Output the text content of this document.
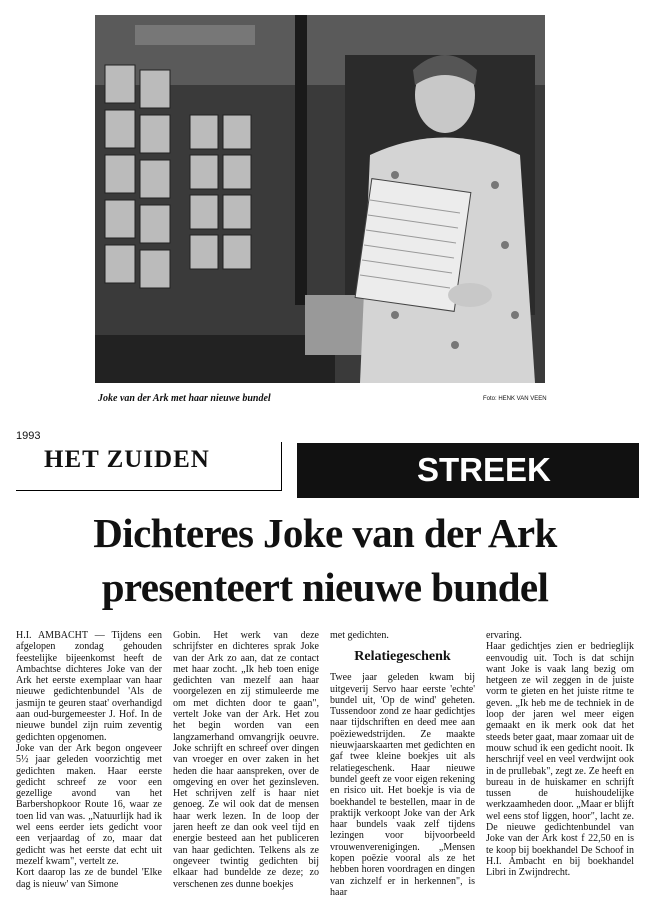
Joke van der Ark met haar nieuwe bundel	Foto: HENK VAN VEEN
1993
HET ZUIDEN	STREEK
Dichteres Joke van der Ark
presenteert nieuwe bundel

H.I. AMBACHT — Tijdens een afgelopen zondag gehouden feestelijke bijeenkomst heeft de Ambachtse dichteres Joke van der Ark het eerste exemplaar van haar nieuwe gedichtenbundel 'Als de jasmijn te geuren staat' overhandigd aan oud-burgemeester J. Hof. In de nieuwe bundel zijn ruim zeventig gedichten opgenomen.

Joke van der Ark begon ongeveer 5½ jaar geleden voorzichtig met gedichten maken. Haar eerste gedicht schreef ze voor een gezellige avond van het Barbershopkoor Route 16, waar ze toen lid van was. „Natuurlijk had ik wel eens eerder iets gedicht voor een verjaardag of zo, maar dat gedicht was het eerste dat echt uit mezelf kwam", vertelt ze.

Kort daarop las ze de bundel 'Elke dag is nieuw' van Simone

Gobin. Het werk van deze schrijfster en dichteres sprak Joke van der Ark zo aan, dat ze contact met haar zocht. „Ik heb toen enige gedichten van mezelf aan haar voorgelezen en zij stimuleerde me om met dichten door te gaan", vertelt Joke van der Ark. Het zou het begin worden van een langzamerhand omvangrijk oeuvre. Joke schrijft en schreef over dingen van vroeger en over zaken in het heden die haar aanspreken, over de omgeving en over het gezinsleven. Het schrijven zelf is haar niet genoeg. Ze wil ook dat de mensen haar werk lezen. In de loop der jaren heeft ze dan ook veel tijd en energie besteed aan het publiceren van haar gedichten. Telkens als ze ongeveer twintig gedichten bij elkaar had bundelde ze deze; zo verschenen zes dunne boekjes

met gedichten.

Relatiegeschenk

Twee jaar geleden kwam bij uitgeverij Servo haar eerste 'echte' bundel uit, 'Op de wind' geheten. Tussendoor zond ze haar gedichtjes naar tijdschriften en deed mee aan poëziewedstrijden. Ze maakte nieuwjaarskaarten met gedichten en gaf twee kleine boekjes uit als relatiegeschenk. Haar nieuwe bundel geeft ze voor eigen rekening en risico uit. Het boekje is via de boekhandel te bestellen, maar in de praktijk verkoopt Joke van der Ark haar bundels vaak zelf tijdens lezingen voor bijvoorbeeld vrouwenverenigingen. „Mensen kopen poëzie vooral als ze het hebben horen voordragen en dingen van zichzelf er in herkennen", is haar

ervaring.

Haar gedichtjes zien er bedrieglijk eenvoudig uit. Toch is dat schijn want Joke is vaak lang bezig om hetgeen ze wil zeggen in de juiste vorm te gieten en het juiste ritme te geven. „Ik heb me de techniek in de loop der jaren wel meer eigen gemaakt en ik merk ook dat het steeds beter gaat, maar zomaar uit de mouw schud ik een gedicht nooit. Ik herschrijf veel en veel verdwijnt ook in de prullebak", zegt ze. Ze heeft en bureau in de huiskamer en schrijft tussen de huishoudelijke werkzaamheden door. „Maar er blijft wel eens stof liggen, hoor", lacht ze. De nieuwe gedichtenbundel van Joke van der Ark kost f 22,50 en is te koop bij boekhandel De Schoof in H.I. Ambacht en bij boekhandel Libri in Zwijndrecht.
